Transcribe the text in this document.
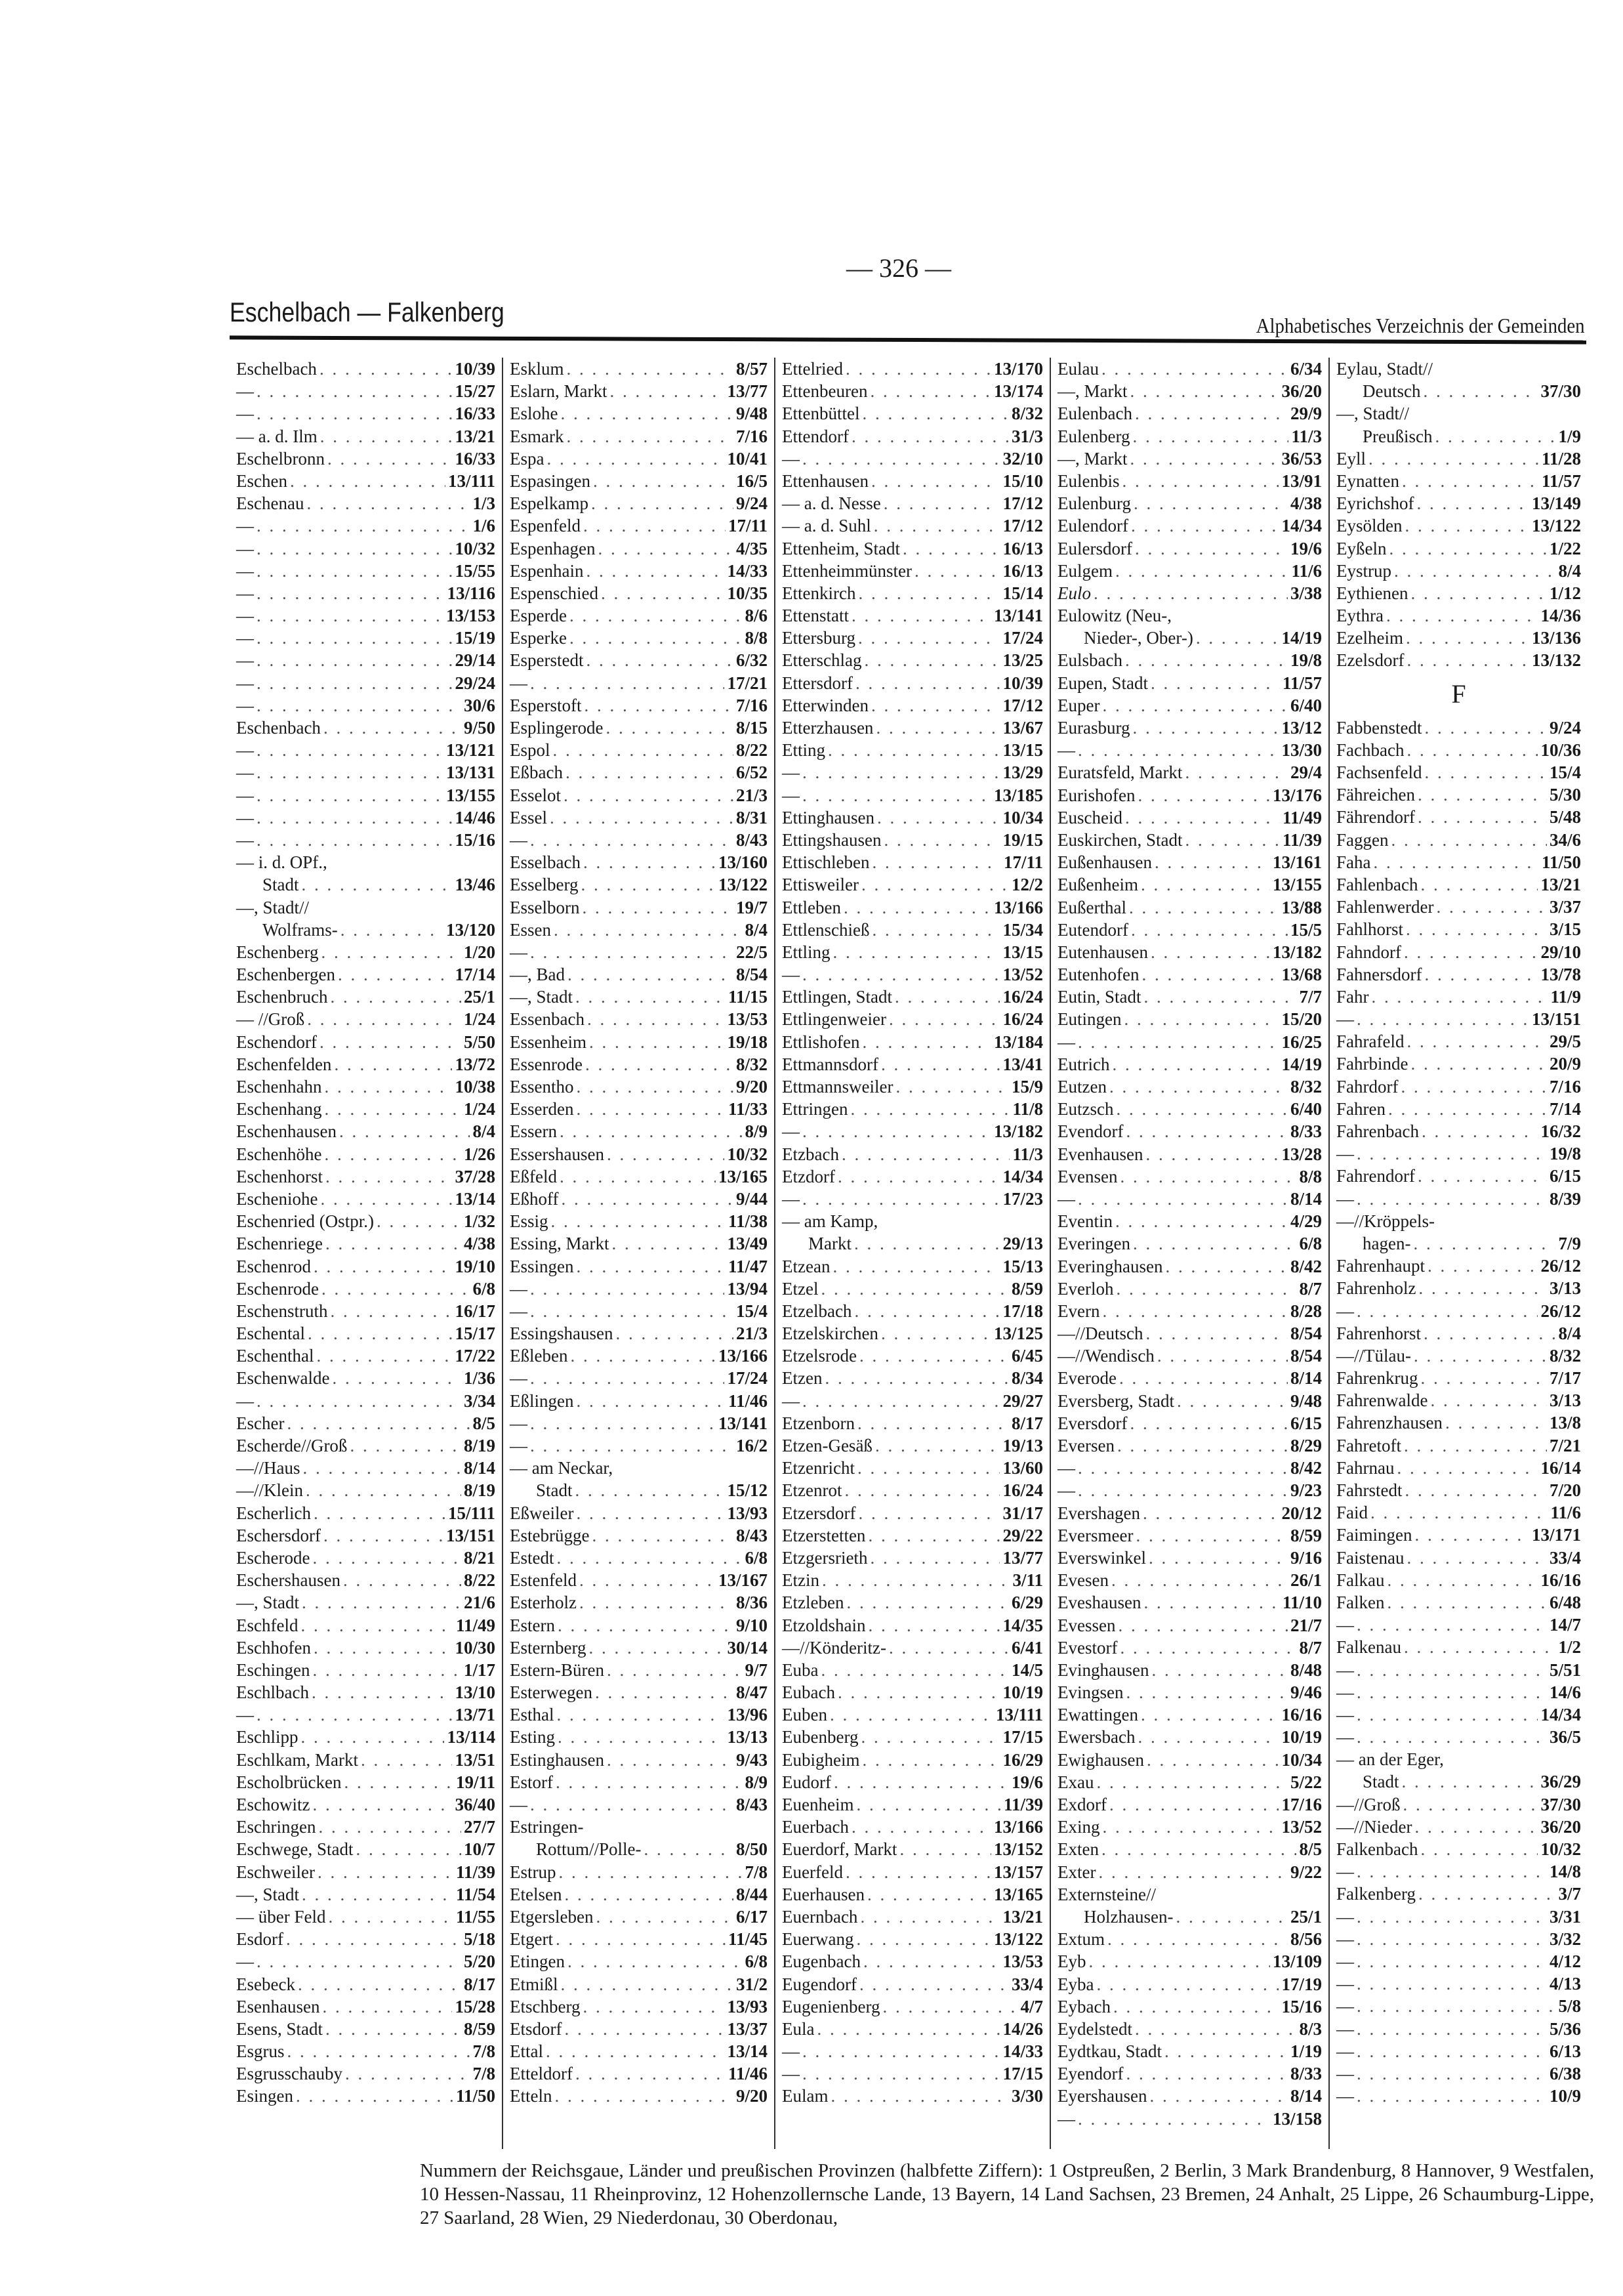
— 326 —
Eschelbach — Falkenberg	Alphabetisches Verzeichnis der Gemeinden
Eschelbach . . .	10/39
— . . .	15/27
— . . .	16/33
— a. d. Ilm . . .	13/21
Eschelbronn . . .	16/33
Eschen . . .	13/111
Eschenau . . .	1/3
— . . .	1/6
— . . .	10/32
— . . .	15/55
— . . .	13/116
— . . .	13/153
— . . .	15/19
— . . .	29/14
— . . .	29/24
— . . .	30/6
Eschenbach . . .	9/50
— . . .	13/121
— . . .	13/131
— . . .	13/155
— . . .	14/46
— . . .	15/16
— i. d. OPf.,
Stadt . . .	13/46
—, Stadt//
Wolframs- . . .	13/120
Eschenberg . . .	1/20
Eschenbergen . . .	17/14
Eschenbruch . . .	25/1
— //Groß . . .	1/24
Eschendorf . . .	5/50
Eschenfelden . . .	13/72
Eschenhahn . . .	10/38
Eschenhang . . .	1/24
Eschenhausen . . .	8/4
Eschenhöhe . . .	1/26
Eschenhorst . . .	37/28
Escheniohe . . .	13/14
Eschenried (Ostpr.) . . .	1/32
Eschenriege . . .	4/38
Eschenrod . . .	19/10
Eschenrode . . .	6/8
Eschenstruth . . .	16/17
Eschental . . .	15/17
Eschenthal . . .	17/22
Eschenwalde . . .	1/36
— . . .	3/34
Escher . . .	8/5
Escherde//Groß . . .	8/19
—//Haus . . .	8/14
—//Klein . . .	8/19
Escherlich . . .	15/111
Eschersdorf . . .	13/151
Escherode . . .	8/21
Eschershausen . . .	8/22
—, Stadt . . .	21/6
Eschfeld . . .	11/49
Eschhofen . . .	10/30
Eschingen . . .	1/17
Eschlbach . . .	13/10
— . . .	13/71
Eschlipp . . .	13/114
Eschlkam, Markt . . .	13/51
Escholbrücken . . .	19/11
Eschowitz . . .	36/40
Eschringen . . .	27/7
Eschwege, Stadt . . .	10/7
Eschweiler . . .	11/39
—, Stadt . . .	11/54
— über Feld . . .	11/55
Esdorf . . .	5/18
— . . .	5/20
Esebeck . . .	8/17
Esenhausen . . .	15/28
Esens, Stadt . . .	8/59
Esgrus . . .	7/8
Esgrusschauby . . .	7/8
Esingen . . .	11/50
Esklum . . .	8/57
Eslarn, Markt . . .	13/77
Eslohe . . .	9/48
Esmark . . .	7/16
Espa . . .	10/41
Espasingen . . .	16/5
Espelkamp . . .	9/24
Espenfeld . . .	17/11
Espenhagen . . .	4/35
Espenhain . . .	14/33
Espenschied . . .	10/35
Esperde . . .	8/6
Esperke . . .	8/8
Esperstedt . . .	6/32
— . . .	17/21
Esperstoft . . .	7/16
Esplingerode . . .	8/15
Espol . . .	8/22
Eßbach . . .	6/52
Esselot . . .	21/3
Essel . . .	8/31
— . . .	8/43
Esselbach . . .	13/160
Esselberg . . .	13/122
Esselborn . . .	19/7
Essen . . .	8/4
— . . .	22/5
—, Bad . . .	8/54
—, Stadt . . .	11/15
Essenbach . . .	13/53
Essenheim . . .	19/18
Essenrode . . .	8/32
Essentho . . .	9/20
Esserden . . .	11/33
Essern . . .	8/9
Essershausen . . .	10/32
Eßfeld . . .	13/165
Eßhoff . . .	9/44
Essig . . .	11/38
Essing, Markt . . .	13/49
Essingen . . .	11/47
— . . .	13/94
— . . .	15/4
Essingshausen . . .	21/3
Eßleben . . .	13/166
— . . .	17/24
Eßlingen . . .	11/46
— . . .	13/141
— . . .	16/2
— am Neckar,
Stadt . . .	15/12
Eßweiler . . .	13/93
Estebrügge . . .	8/43
Estedt . . .	6/8
Estenfeld . . .	13/167
Esterholz . . .	8/36
Estern . . .	9/10
Esternberg . . .	30/14
Estern-Büren . . .	9/7
Esterwegen . . .	8/47
Esthal . . .	13/96
Esting . . .	13/13
Estinghausen . . .	9/43
Estorf . . .	8/9
— . . .	8/43
Estringen-
Rottum//Polle- . . .	8/50
Estrup . . .	7/8
Etelsen . . .	8/44
Etgersleben . . .	6/17
Etgert . . .	11/45
Etingen . . .	6/8
Etmißl . . .	31/2
Etschberg . . .	13/93
Etsdorf . . .	13/37
Ettal . . .	13/14
Etteldorf . . .	11/46
Etteln . . .	9/20
Ettelried . . .	13/170
Ettenbeuren . . .	13/174
Ettenbüttel . . .	8/32
Ettendorf . . .	31/3
— . . .	32/10
Ettenhausen . . .	15/10
— a. d. Nesse . . .	17/12
— a. d. Suhl . . .	17/12
Ettenheim, Stadt . . .	16/13
Ettenheimmünster . . .	16/13
Ettenkirch . . .	15/14
Ettenstatt . . .	13/141
Ettersburg . . .	17/24
Etterschlag . . .	13/25
Ettersdorf . . .	10/39
Etterwinden . . .	17/12
Etterzhausen . . .	13/67
Etting . . .	13/15
— . . .	13/29
— . . .	13/185
Ettinghausen . . .	10/34
Ettingshausen . . .	19/15
Ettischleben . . .	17/11
Ettisweiler . . .	12/2
Ettleben . . .	13/166
Ettlenschieß . . .	15/34
Ettling . . .	13/15
— . . .	13/52
Ettlingen, Stadt . . .	16/24
Ettlingenweier . . .	16/24
Ettlishofen . . .	13/184
Ettmannsdorf . . .	13/41
Ettmannsweiler . . .	15/9
Ettringen . . .	11/8
— . . .	13/182
Etzbach . . .	11/3
Etzdorf . . .	14/34
— . . .	17/23
— am Kamp,
Markt . . .	29/13
Etzean . . .	15/13
Etzel . . .	8/59
Etzelbach . . .	17/18
Etzelskirchen . . .	13/125
Etzelsrode . . .	6/45
Etzen . . .	8/34
— . . .	29/27
Etzenborn . . .	8/17
Etzen-Gesäß . . .	19/13
Etzenricht . . .	13/60
Etzenrot . . .	16/24
Etzersdorf . . .	31/17
Etzerstetten . . .	29/22
Etzgersrieth . . .	13/77
Etzin . . .	3/11
Etzleben . . .	6/29
Etzoldshain . . .	14/35
—//Könderitz- . . .	6/41
Euba . . .	14/5
Eubach . . .	10/19
Euben . . .	13/111
Eubenberg . . .	17/15
Eubigheim . . .	16/29
Eudorf . . .	19/6
Euenheim . . .	11/39
Euerbach . . .	13/166
Euerdorf, Markt . . .	13/152
Euerfeld . . .	13/157
Euerhausen . . .	13/165
Euernbach . . .	13/21
Euerwang . . .	13/122
Eugenbach . . .	13/53
Eugendorf . . .	33/4
Eugenienberg . . .	4/7
Eula . . .	14/26
— . . .	14/33
— . . .	17/15
Eulam . . .	3/30
Eulau . . .	6/34
—, Markt . . .	36/20
Eulenbach . . .	29/9
Eulenberg . . .	11/3
—, Markt . . .	36/53
Eulenbis . . .	13/91
Eulenburg . . .	4/38
Eulendorf . . .	14/34
Eulersdorf . . .	19/6
Eulgem . . .	11/6
Eulo . . .	3/38
Eulowitz (Neu-,
Nieder-, Ober-) . . .	14/19
Eulsbach . . .	19/8
Eupen, Stadt . . .	11/57
Euper . . .	6/40
Eurasburg . . .	13/12
— . . .	13/30
Euratsfeld, Markt . . .	29/4
Eurishofen . . .	13/176
Euscheid . . .	11/49
Euskirchen, Stadt . . .	11/39
Eußenhausen . . .	13/161
Eußenheim . . .	13/155
Eußerthal . . .	13/88
Eutendorf . . .	15/5
Eutenhausen . . .	13/182
Eutenhofen . . .	13/68
Eutin, Stadt . . .	7/7
Eutingen . . .	15/20
— . . .	16/25
Eutrich . . .	14/19
Eutzen . . .	8/32
Eutzsch . . .	6/40
Evendorf . . .	8/33
Evenhausen . . .	13/28
Evensen . . .	8/8
— . . .	8/14
Eventin . . .	4/29
Everingen . . .	6/8
Everinghausen . . .	8/42
Everloh . . .	8/7
Evern . . .	8/28
—//Deutsch . . .	8/54
—//Wendisch . . .	8/54
Everode . . .	8/14
Eversberg, Stadt . . .	9/48
Eversdorf . . .	6/15
Eversen . . .	8/29
— . . .	8/42
— . . .	9/23
Evershagen . . .	20/12
Eversmeer . . .	8/59
Everswinkel . . .	9/16
Evesen . . .	26/1
Eveshausen . . .	11/10
Evessen . . .	21/7
Evestorf . . .	8/7
Evinghausen . . .	8/48
Evingsen . . .	9/46
Ewattingen . . .	16/16
Ewersbach . . .	10/19
Ewighausen . . .	10/34
Exau . . .	5/22
Exdorf . . .	17/16
Exing . . .	13/52
Exten . . .	8/5
Exter . . .	9/22
Externsteine//
Holzhausen- . . .	25/1
Extum . . .	8/56
Eyb . . .	13/109
Eyba . . .	17/19
Eybach . . .	15/16
Eydelstedt . . .	8/3
Eydtkau, Stadt . . .	1/19
Eyendorf . . .	8/33
Eyershausen . . .	8/14
— . . .	13/158
Eylau, Stadt//
Deutsch . . .	37/30
—, Stadt//
Preußisch . . .	1/9
Eyll . . .	11/28
Eynatten . . .	11/57
Eyrichshof . . .	13/149
Eysölden . . .	13/122
Eyßeln . . .	1/22
Eystrup . . .	8/4
Eythienen . . .	1/12
Eythra . . .	14/36
Ezelheim . . .	13/136
Ezelsdorf . . .	13/132
F
Fabbenstedt . . .	9/24
Fachbach . . .	10/36
Fachsenfeld . . .	15/4
Fähreichen . . .	5/30
Fährendorf . . .	5/48
Faggen . . .	34/6
Faha . . .	11/50
Fahlenbach . . .	13/21
Fahlenwerder . . .	3/37
Fahlhorst . . .	3/15
Fahndorf . . .	29/10
Fahnersdorf . . .	13/78
Fahr . . .	11/9
— . . .	13/151
Fahrafeld . . .	29/5
Fahrbinde . . .	20/9
Fahrdorf . . .	7/16
Fahren . . .	7/14
Fahrenbach . . .	16/32
— . . .	19/8
Fahrendorf . . .	6/15
— . . .	8/39
—//Kröppels-
hagen- . . .	7/9
Fahrenhaupt . . .	26/12
Fahrenholz . . .	3/13
— . . .	26/12
Fahrenhorst . . .	8/4
—//Tülau- . . .	8/32
Fahrenkrug . . .	7/17
Fahrenwalde . . .	3/13
Fahrenzhausen . . .	13/8
Fahretoft . . .	7/21
Fahrnau . . .	16/14
Fahrstedt . . .	7/20
Faid . . .	11/6
Faimingen . . .	13/171
Faistenau . . .	33/4
Falkau . . .	16/16
Falken . . .	6/48
— . . .	14/7
Falkenau . . .	1/2
— . . .	5/51
— . . .	14/6
— . . .	14/34
— . . .	36/5
— an der Eger,
Stadt . . .	36/29
—//Groß . . .	37/30
—//Nieder . . .	36/20
Falkenbach . . .	10/32
— . . .	14/8
Falkenberg . . .	3/7
— . . .	3/31
— . . .	3/32
— . . .	4/12
— . . .	4/13
— . . .	5/8
— . . .	5/36
— . . .	6/13
— . . .	6/38
— . . .	10/9
Nummern der Reichsgaue, Länder und preußischen Provinzen (halbfette Ziffern): 1 Ostpreußen, 2 Berlin, 3 Mark Brandenburg, 8 Hannover, 9 Westfalen, 10 Hessen-Nassau, 11 Rheinprovinz, 12 Hohenzollernsche Lande, 13 Bayern, 14 Land Sachsen, 23 Bremen, 24 Anhalt, 25 Lippe, 26 Schaumburg-Lippe, 27 Saarland, 28 Wien, 29 Niederdonau, 30 Oberdonau,
